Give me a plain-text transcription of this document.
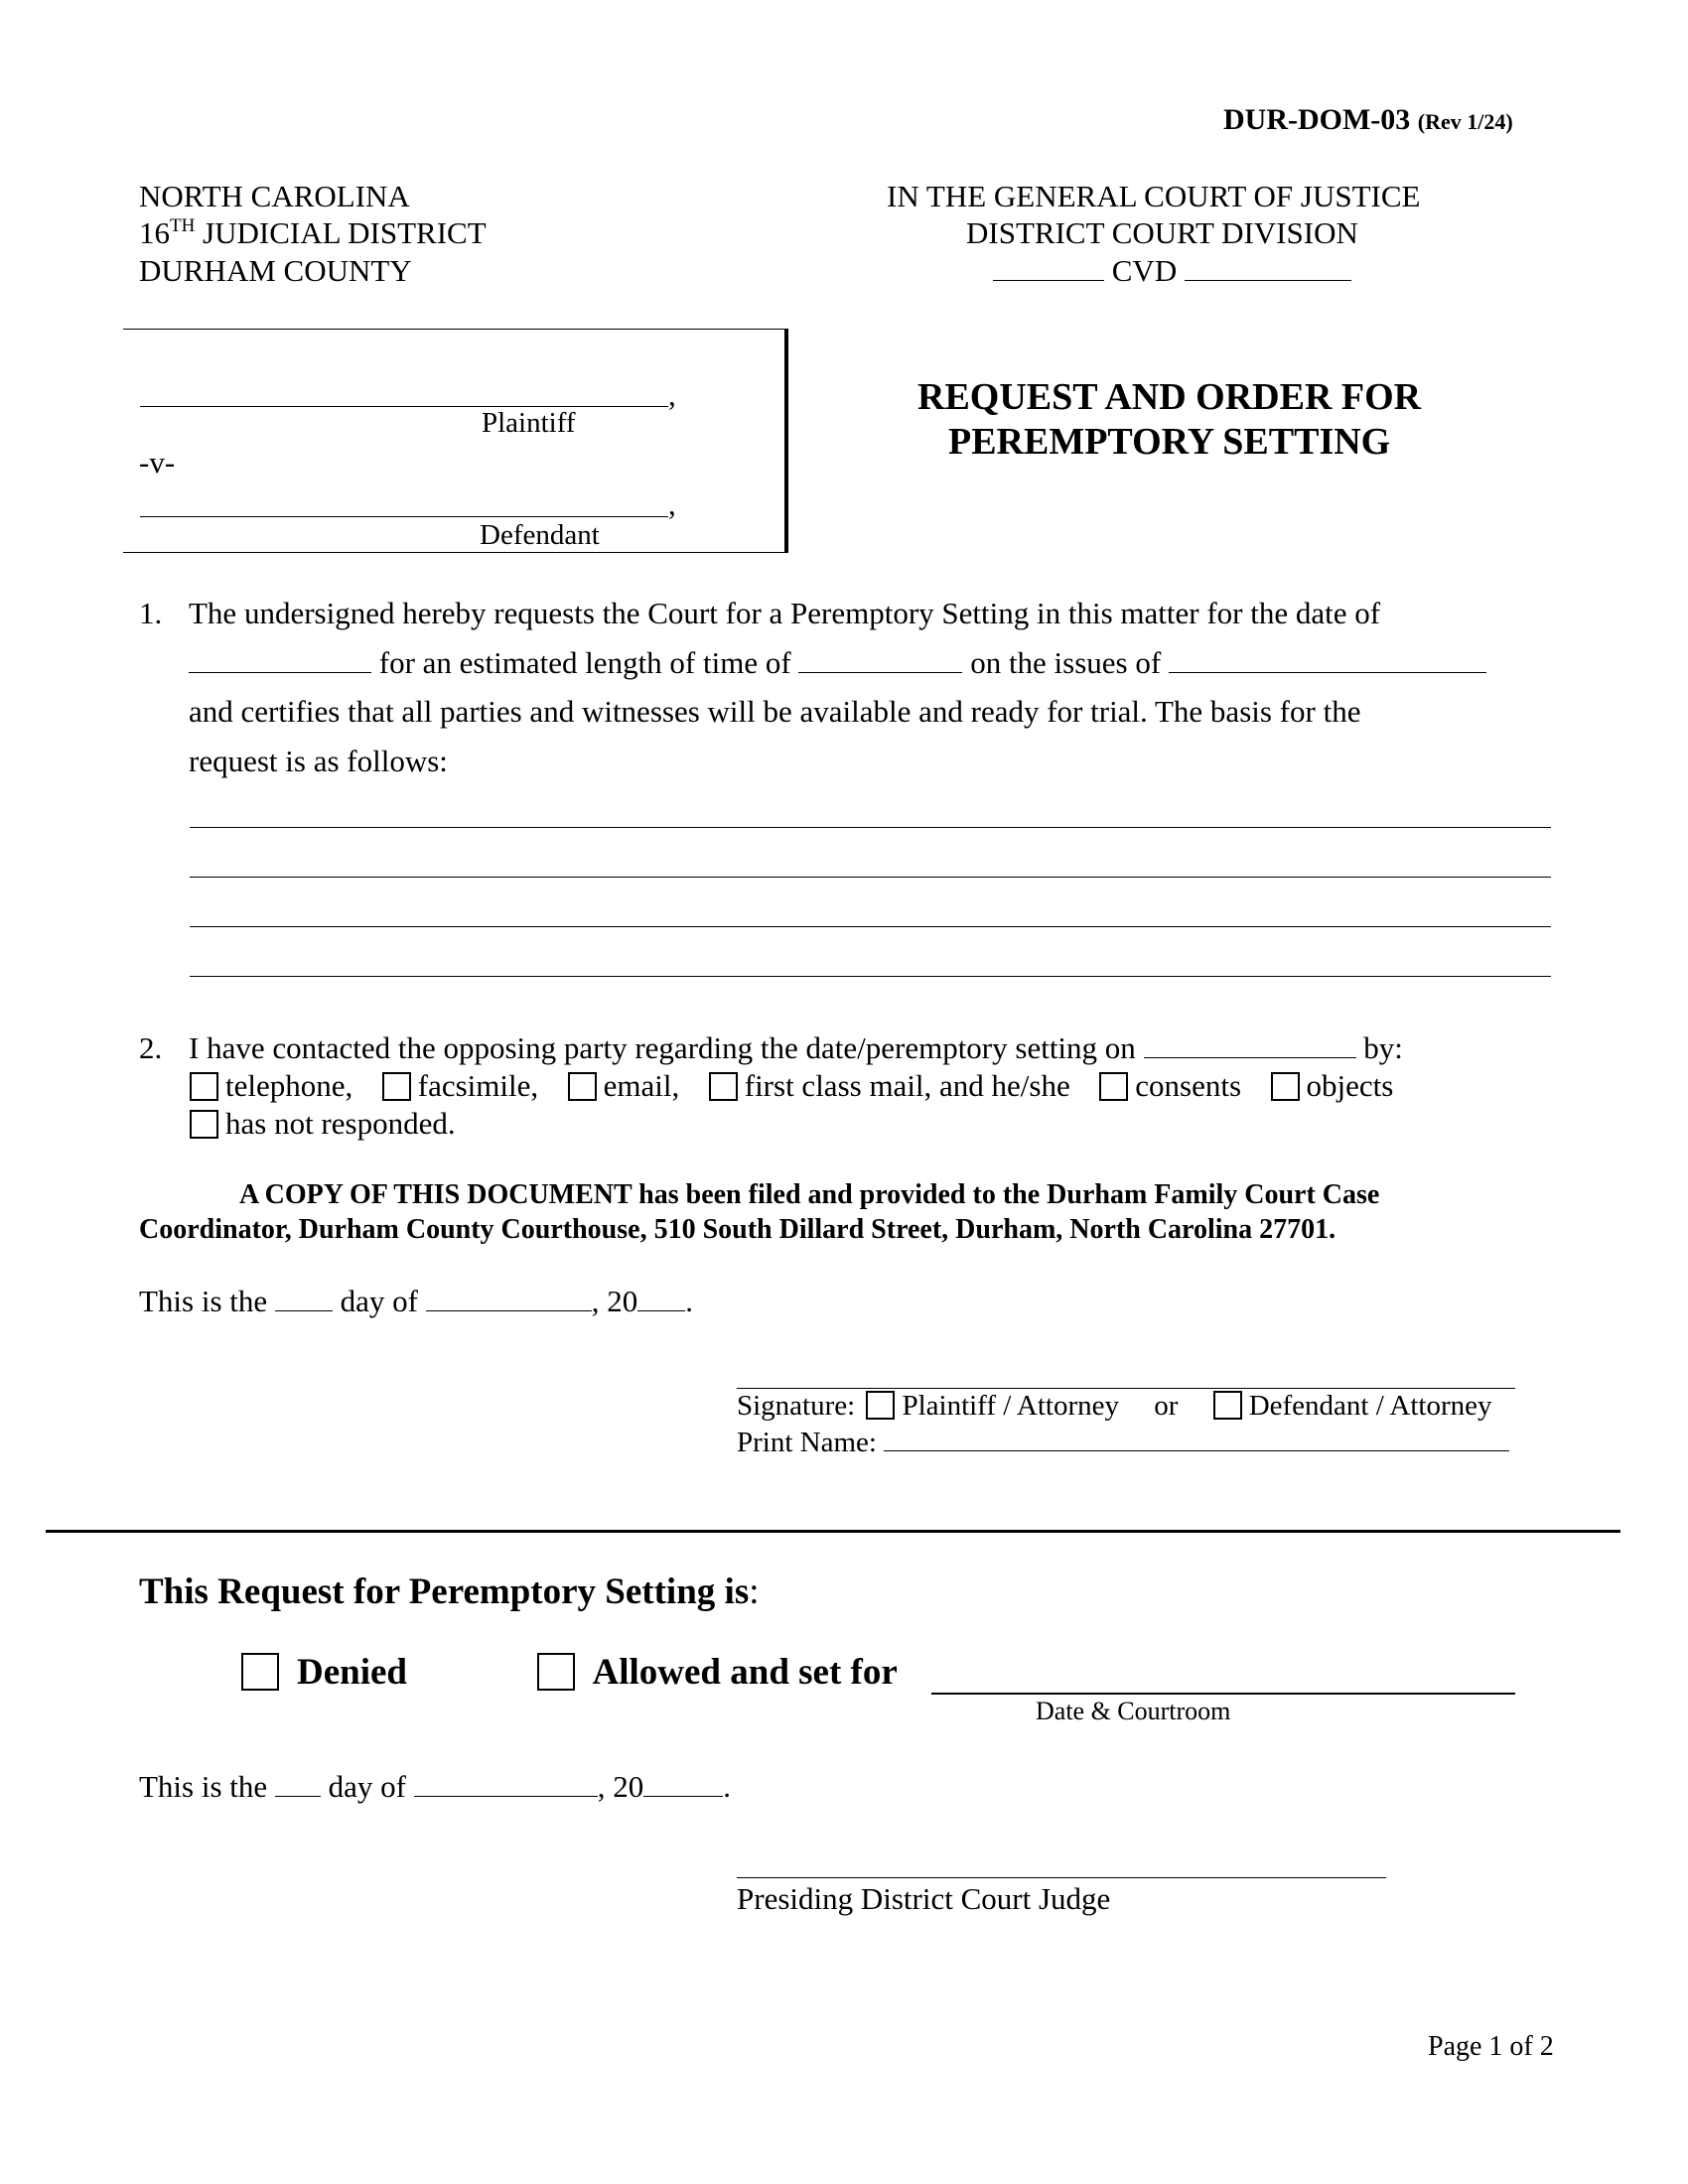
DUR-DOM-03 (Rev 1/24)
NORTH CAROLINA
16TH JUDICIAL DISTRICT
DURHAM COUNTY
IN THE GENERAL COURT OF JUSTICE
DISTRICT COURT DIVISION
CVD
,
Plaintiff
-v-
,
Defendant
REQUEST AND ORDER FOR
PEREMPTORY SETTING
1. The undersigned hereby requests the Court for a Peremptory Setting in this matter for the date of
for an estimated length of time of	on the issues of
and certifies that all parties and witnesses will be available and ready for trial. The basis for the
request is as follows:
2. I have contacted the opposing party regarding the date/peremptory setting on	by:
telephone, facsimile, email, first class mail, and he/she consents objects
has not responded.
A COPY OF THIS DOCUMENT has been filed and provided to the Durham Family Court Case
Coordinator, Durham County Courthouse, 510 South Dillard Street, Durham, North Carolina 27701.
This is the day of	, 20 .
Signature: Plaintiff / Attorney or Defendant / Attorney
Print Name:
This Request for Peremptory Setting is:
Denied	Allowed and set for
Date & Courtroom
This is the day of	, 20	.
Presiding District Court Judge
Page 1 of 2
